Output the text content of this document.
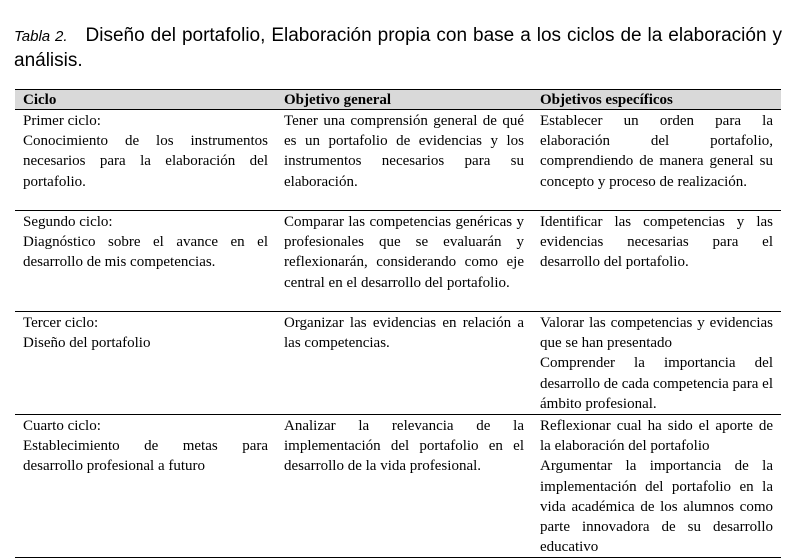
Tabla 2. Diseño del portafolio, Elaboración propia con base a los ciclos de la elaboración y análisis.
Ciclo	Objetivo general	Objetivos específicos

Primer ciclo:
Conocimiento de los instrumentos necesarios para la elaboración del portafolio.	Tener una comprensión general de qué es un portafolio de evidencias y los instrumentos necesarios para su elaboración.	Establecer un orden para la elaboración del portafolio, comprendiendo de manera general su concepto y proceso de realización.

Segundo ciclo:
Diagnóstico sobre el avance en el desarrollo de mis competencias.	Comparar las competencias genéricas y profesionales que se evaluarán y reflexionarán, considerando como eje central en el desarrollo del portafolio.	Identificar las competencias y las evidencias necesarias para el desarrollo del portafolio.

Tercer ciclo:
Diseño del portafolio	Organizar las evidencias en relación a las competencias.	Valorar las competencias y evidencias que se han presentado
Comprender la importancia del desarrollo de cada competencia para el ámbito profesional.

Cuarto ciclo:
Establecimiento de metas para desarrollo profesional a futuro	Analizar la relevancia de la implementación del portafolio en el desarrollo de la vida profesional.	Reflexionar cual ha sido el aporte de la elaboración del portafolio
Argumentar la importancia de la implementación del portafolio en la vida académica de los alumnos como parte innovadora de su desarrollo educativo
